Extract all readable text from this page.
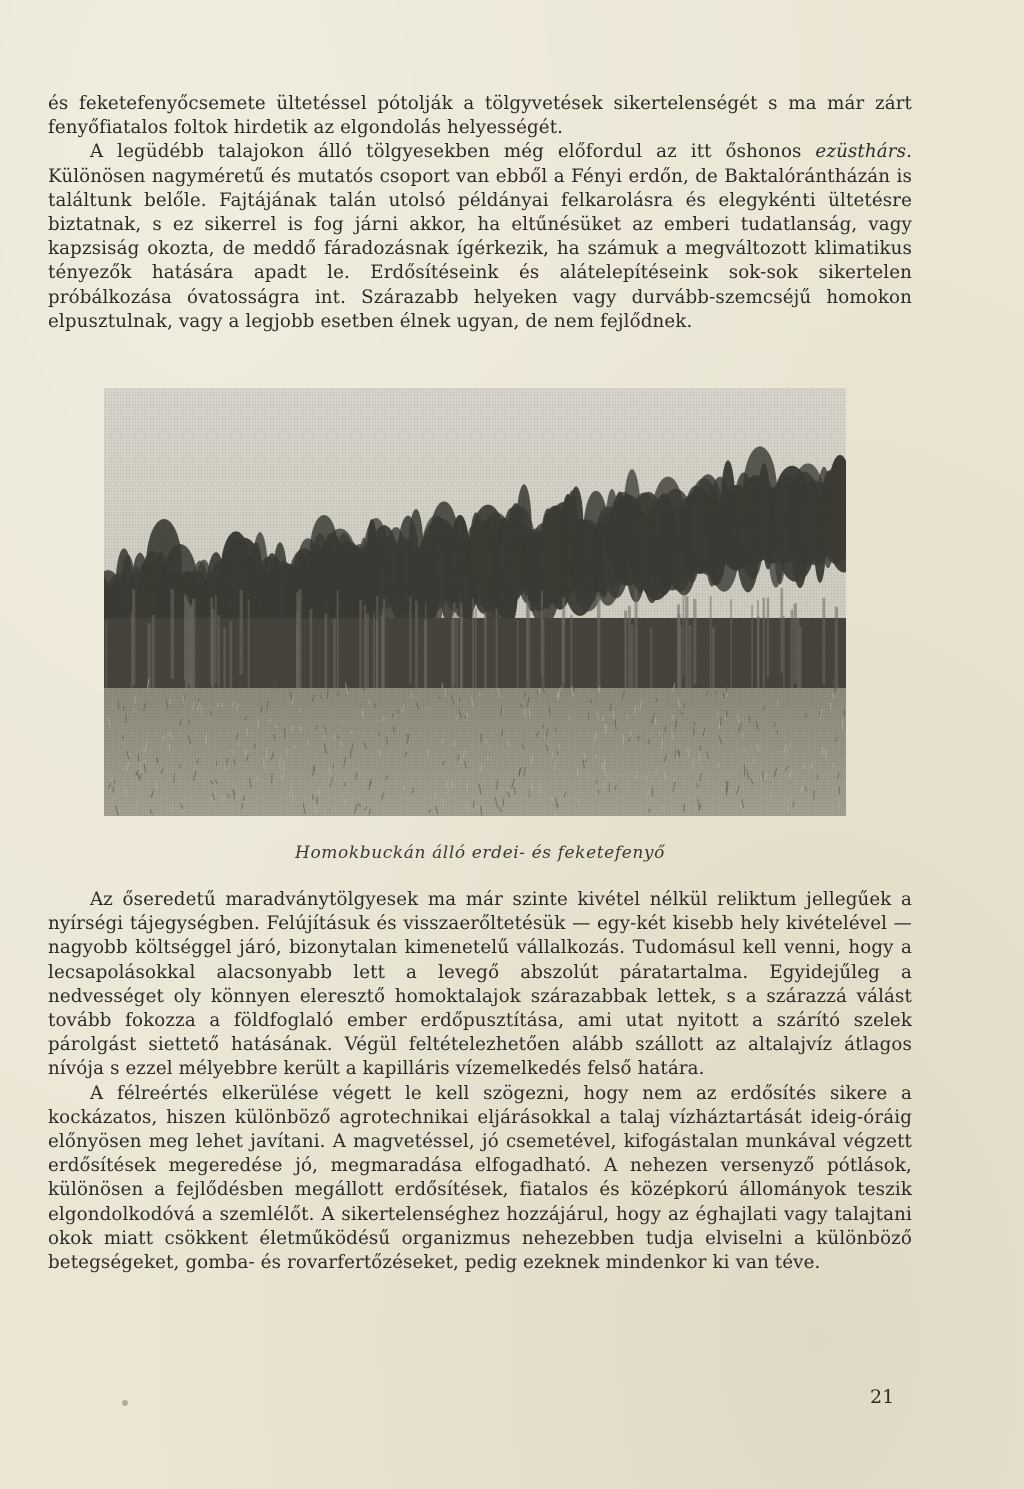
és feketefenyőcsemete ültetéssel pótolják a tölgyvetések sikertelenségét s ma már zárt fenyőfiatalos foltok hirdetik az elgondolás helyességét.

A legüdébb talajokon álló tölgyesekben még előfordul az itt őshonos ezüsthárs. Különösen nagyméretű és mutatós csoport van ebből a Fényi erdőn, de Baktalórántházán is találtunk belőle. Fajtájának talán utolsó példányai felkarolásra és elegykénti ültetésre biztatnak, s ez sikerrel is fog járni akkor, ha eltűnésüket az emberi tudatlanság, vagy kapzsiság okozta, de meddő fáradozásnak ígérkezik, ha számuk a megváltozott klimatikus tényezők hatására apadt le. Erdősítéseink és alátelepítéseink sok-sok sikertelen próbálkozása óvatosságra int. Szárazabb helyeken vagy durvább-szemcséjű homokon elpusztulnak, vagy a legjobb esetben élnek ugyan, de nem fejlődnek.

Homokbuckán álló erdei- és feketefenyő

Az őseredetű maradványtölgyesek ma már szinte kivétel nélkül reliktum jellegűek a nyírségi tájegységben. Felújításuk és visszaerőltetésük — egy-két kisebb hely kivételével — nagyobb költséggel járó, bizonytalan kimenetelű vállalkozás. Tudomásul kell venni, hogy a lecsapolásokkal alacsonyabb lett a levegő abszolút páratartalma. Egyidejűleg a nedvességet oly könnyen eleresztő homoktalajok szárazabbak lettek, s a szárazzá válást tovább fokozza a földfoglaló ember erdőpusztítása, ami utat nyitott a szárító szelek párolgást siettető hatásának. Végül feltételezhetően alább szállott az altalajvíz átlagos nívója s ezzel mélyebbre került a kapilláris vízemelkedés felső határa.

A félreértés elkerülése végett le kell szögezni, hogy nem az erdősítés sikere a kockázatos, hiszen különböző agrotechnikai eljárásokkal a talaj vízháztartását ideig-óráig előnyösen meg lehet javítani. A magvetéssel, jó csemetével, kifogástalan munkával végzett erdősítések megeredése jó, megmaradása elfogadható. A nehezen versenyző pótlások, különösen a fejlődésben megállott erdősítések, fiatalos és középkorú állományok teszik elgondolkodóvá a szemlélőt. A sikertelenséghez hozzájárul, hogy az éghajlati vagy talajtani okok miatt csökkent életműködésű organizmus nehezebben tudja elviselni a különböző betegségeket, gomba- és rovarfertőzéseket, pedig ezeknek mindenkor ki van téve.

21
